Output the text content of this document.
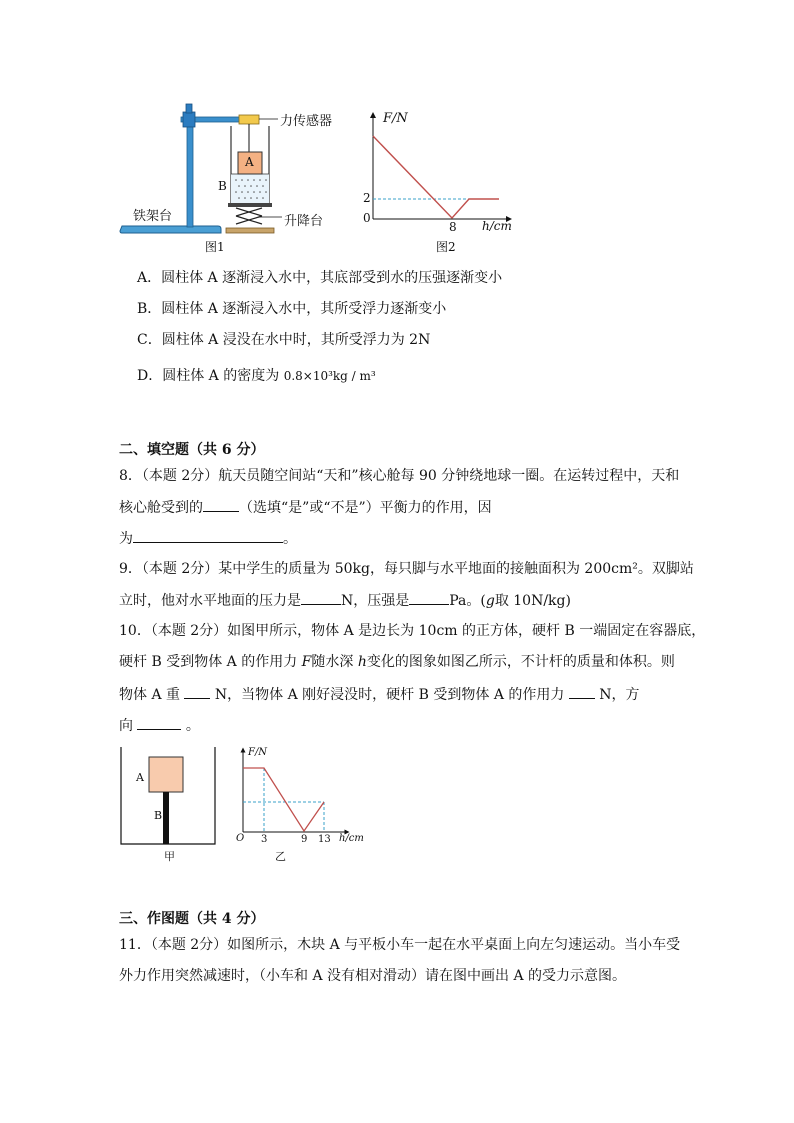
力传感器
A
B
铁架台	升降台
图1
F/N
2
0
8 h/cm
图2
A．圆柱体 A 逐渐浸入水中，其底部受到水的压强逐渐变小
B．圆柱体 A 逐渐浸入水中，其所受浮力逐渐变小
C．圆柱体 A 浸没在水中时，其所受浮力为 2N
D．圆柱体 A 的密度为 0.8×10³kg / m³
二、填空题（共 6 分）
8．（本题 2分）航天员随空间站“天和”核心舱每 90 分钟绕地球一圈。在运转过程中，天和
核心舱受到的	（选填“是”或“不是”）平衡力的作用，因
为	。
9．（本题 2分）某中学生的质量为 50kg，每只脚与水平地面的接触面积为 200cm²。双脚站
立时，他对水平地面的压力是	N，压强是	Pa。(g取 10N/kg)
10．（本题 2分）如图甲所示，物体 A 是边长为 10cm 的正方体，硬杆 B 一端固定在容器底，
硬杆 B 受到物体 A 的作用力 F随水深 h变化的图象如图乙所示，不计杆的质量和体积。则
物体 A 重  N，当物体 A 刚好浸没时，硬杆 B 受到物体 A 的作用力  N，方
向	。
A
B
甲
F/N
O 3	9 13 h/cm
乙
三、作图题（共 4 分）
11．（本题 2分）如图所示，木块 A 与平板小车一起在水平桌面上向左匀速运动。当小车受
外力作用突然减速时，（小车和 A 没有相对滑动）请在图中画出 A 的受力示意图。
